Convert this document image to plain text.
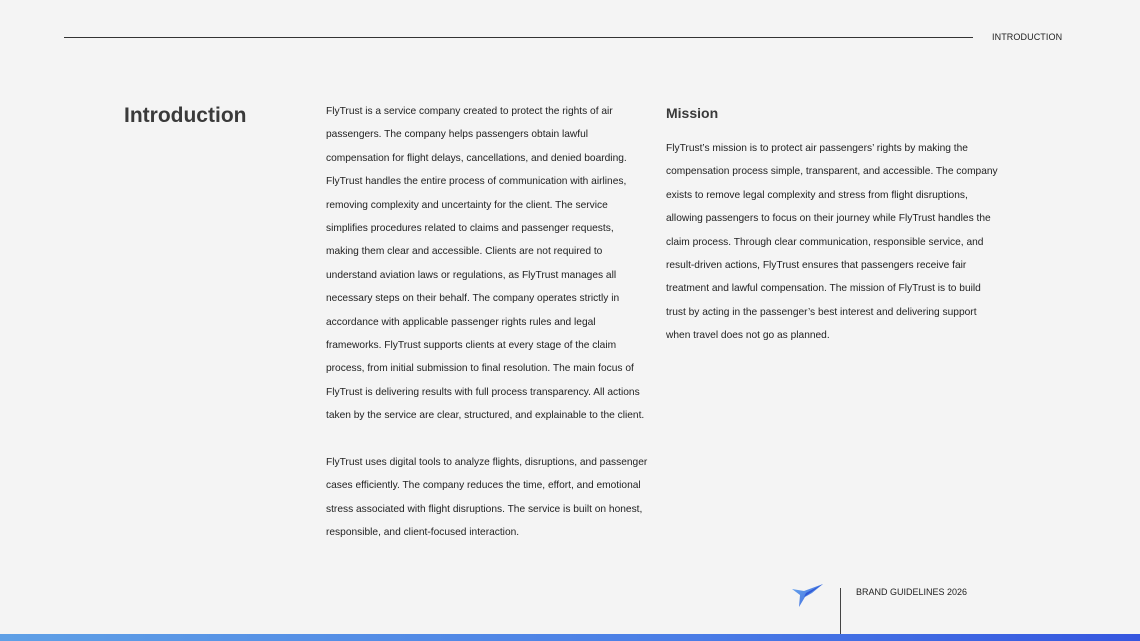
INTRODUCTION
Introduction	FlyTrust is a service company created to protect the rights of air passengers. The company helps passengers obtain lawful compensation for flight delays, cancellations, and denied boarding. FlyTrust handles the entire process of communication with airlines, removing complexity and uncertainty for the client. The service simplifies procedures related to claims and passenger requests, making them clear and accessible. Clients are not required to understand aviation laws or regulations, as FlyTrust manages all necessary steps on their behalf. The company operates strictly in accordance with applicable passenger rights rules and legal frameworks. FlyTrust supports clients at every stage of the claim process, from initial submission to final resolution. The main focus of FlyTrust is delivering results with full process transparency. All actions taken by the service are clear, structured, and explainable to the client.

FlyTrust uses digital tools to analyze flights, disruptions, and passenger cases efficiently. The company reduces the time, effort, and emotional stress associated with flight disruptions. The service is built on honest, responsible, and client-focused interaction.

Mission

FlyTrust’s mission is to protect air passengers’ rights by making the compensation process simple, transparent, and accessible. The company exists to remove legal complexity and stress from flight disruptions, allowing passengers to focus on their journey while FlyTrust handles the claim process. Through clear communication, responsible service, and result-driven actions, FlyTrust ensures that passengers receive fair treatment and lawful compensation. The mission of FlyTrust is to build trust by acting in the passenger’s best interest and delivering support when travel does not go as planned.

BRAND GUIDELINES 2026
